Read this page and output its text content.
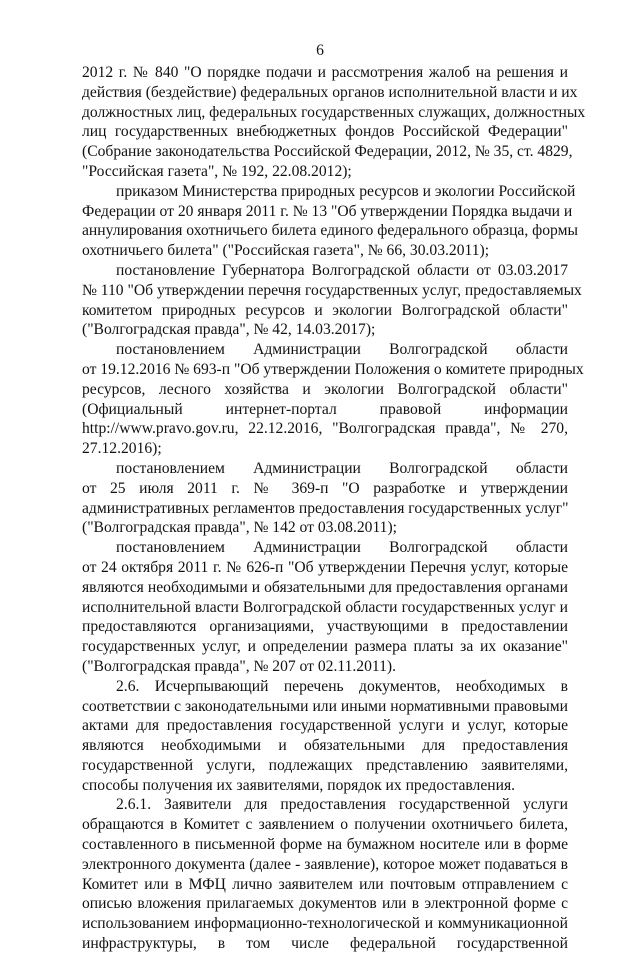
6
2012 г. № 840 "О порядке подачи и рассмотрения жалоб на решения и
действия (бездействие) федеральных органов исполнительной власти и их
должностных лиц, федеральных государственных служащих, должностных
лиц государственных внебюджетных фондов Российской Федерации"
(Собрание законодательства Российской Федерации, 2012, № 35, ст. 4829,
"Российская газета", № 192, 22.08.2012);
приказом Министерства природных ресурсов и экологии Российской
Федерации от 20 января 2011 г. № 13 "Об утверждении Порядка выдачи и
аннулирования охотничьего билета единого федерального образца, формы
охотничьего билета" ("Российская газета", № 66, 30.03.2011);
постановление Губернатора Волгоградской области от 03.03.2017
№ 110 "Об утверждении перечня государственных услуг, предоставляемых
комитетом природных ресурсов и экологии Волгоградской области"
("Волгоградская правда", № 42, 14.03.2017);
постановлением Администрации Волгоградской области
от 19.12.2016 № 693-п "Об утверждении Положения о комитете природных
ресурсов, лесного хозяйства и экологии Волгоградской области"
(Официальный интернет-портал правовой информации
http://www.pravo.gov.ru, 22.12.2016, "Волгоградская правда", № 270,
27.12.2016);
постановлением Администрации Волгоградской области
от 25 июля 2011 г. № 369-п "О разработке и утверждении
административных регламентов предоставления государственных услуг"
("Волгоградская правда", № 142 от 03.08.2011);
постановлением Администрации Волгоградской области
от 24 октября 2011 г. № 626-п "Об утверждении Перечня услуг, которые
являются необходимыми и обязательными для предоставления органами
исполнительной власти Волгоградской области государственных услуг и
предоставляются организациями, участвующими в предоставлении
государственных услуг, и определении размера платы за их оказание"
("Волгоградская правда", № 207 от 02.11.2011).
2.6. Исчерпывающий перечень документов, необходимых в
соответствии с законодательными или иными нормативными правовыми
актами для предоставления государственной услуги и услуг, которые
являются необходимыми и обязательными для предоставления
государственной услуги, подлежащих представлению заявителями,
способы получения их заявителями, порядок их предоставления.
2.6.1. Заявители для предоставления государственной услуги
обращаются в Комитет с заявлением о получении охотничьего билета,
составленного в письменной форме на бумажном носителе или в форме
электронного документа (далее - заявление), которое может подаваться в
Комитет или в МФЦ лично заявителем или почтовым отправлением с
описью вложения прилагаемых документов или в электронной форме с
использованием информационно-технологической и коммуникационной
инфраструктуры, в том числе федеральной государственной
